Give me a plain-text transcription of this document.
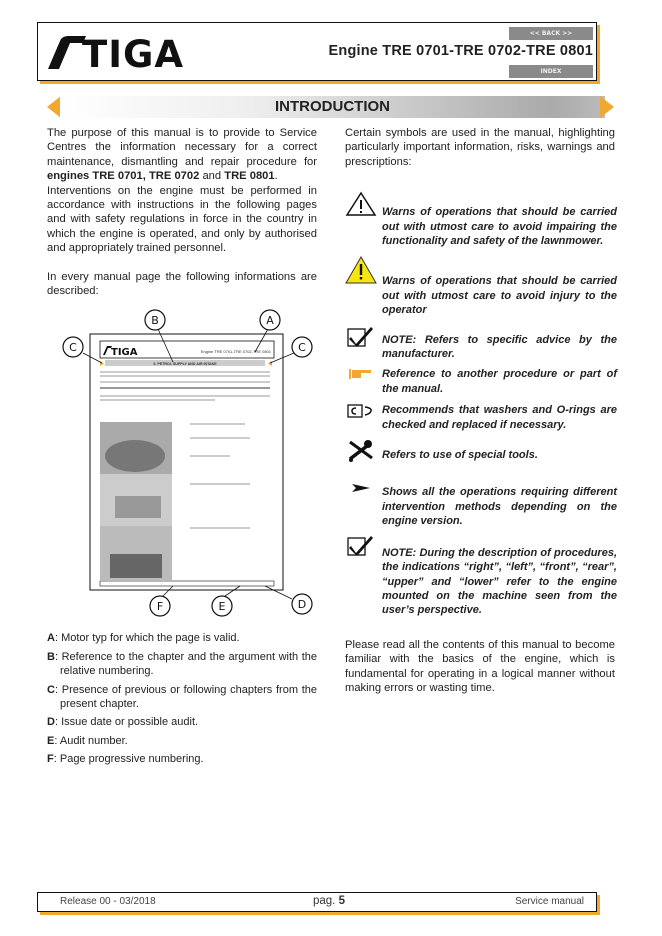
TIGA	<< BACK >>
Engine TRE 0701-TRE 0702-TRE 0801
INDEX
INTRODUCTION

The purpose of this manual is to provide to Service Centres the information necessary for a correct maintenance, dismantling and repair procedure for engines TRE 0701, TRE 0702 and TRE 0801.

Interventions on the engine must be performed in accordance with instructions in the following pages and with safety regulations in force in the country in which the engine is operated, and only by authorised and appropriately trained personnel.

In every manual page the following informations are described:

TIGA	Engine TRE 0701-TRE 0702-TRE 0801
5. PETROL SUPPLY AND AIR INTAKE
A
B
C	C
D
E
F
A: Motor typ for which the page is valid.
B: Reference to the chapter and the argument with the relative numbering.
C: Presence of previous or following chapters from the present chapter.
D: Issue date or possible audit.
E: Audit number.
F: Page progressive numbering.

Certain symbols are used in the manual, highlighting particularly important information, risks, warnings and prescriptions:

Warns of operations that should be carried out with utmost care to avoid impairing the functionality and safety of the lawnmower.
Warns of operations that should be carried out with utmost care to avoid injury to the operator
NOTE: Refers to specific advice by the manufacturer.
Reference to another procedure or part of the manual.
Recommends that washers and O-rings are checked and replaced if necessary.
Refers to use of special tools.
Shows all the operations requiring different intervention methods depending on the engine version.
NOTE: During the description of procedures, the indications “right”, “left”, “front”, “rear”, “upper” and “lower” refer to the engine mounted on the machine seen from the user’s perspective.

Please read all the contents of this manual to become familiar with the basics of the engine, which is fundamental for operating in a logical manner without making errors or wasting time.

Release 00 - 03/2018	pag. 5	Service manual
